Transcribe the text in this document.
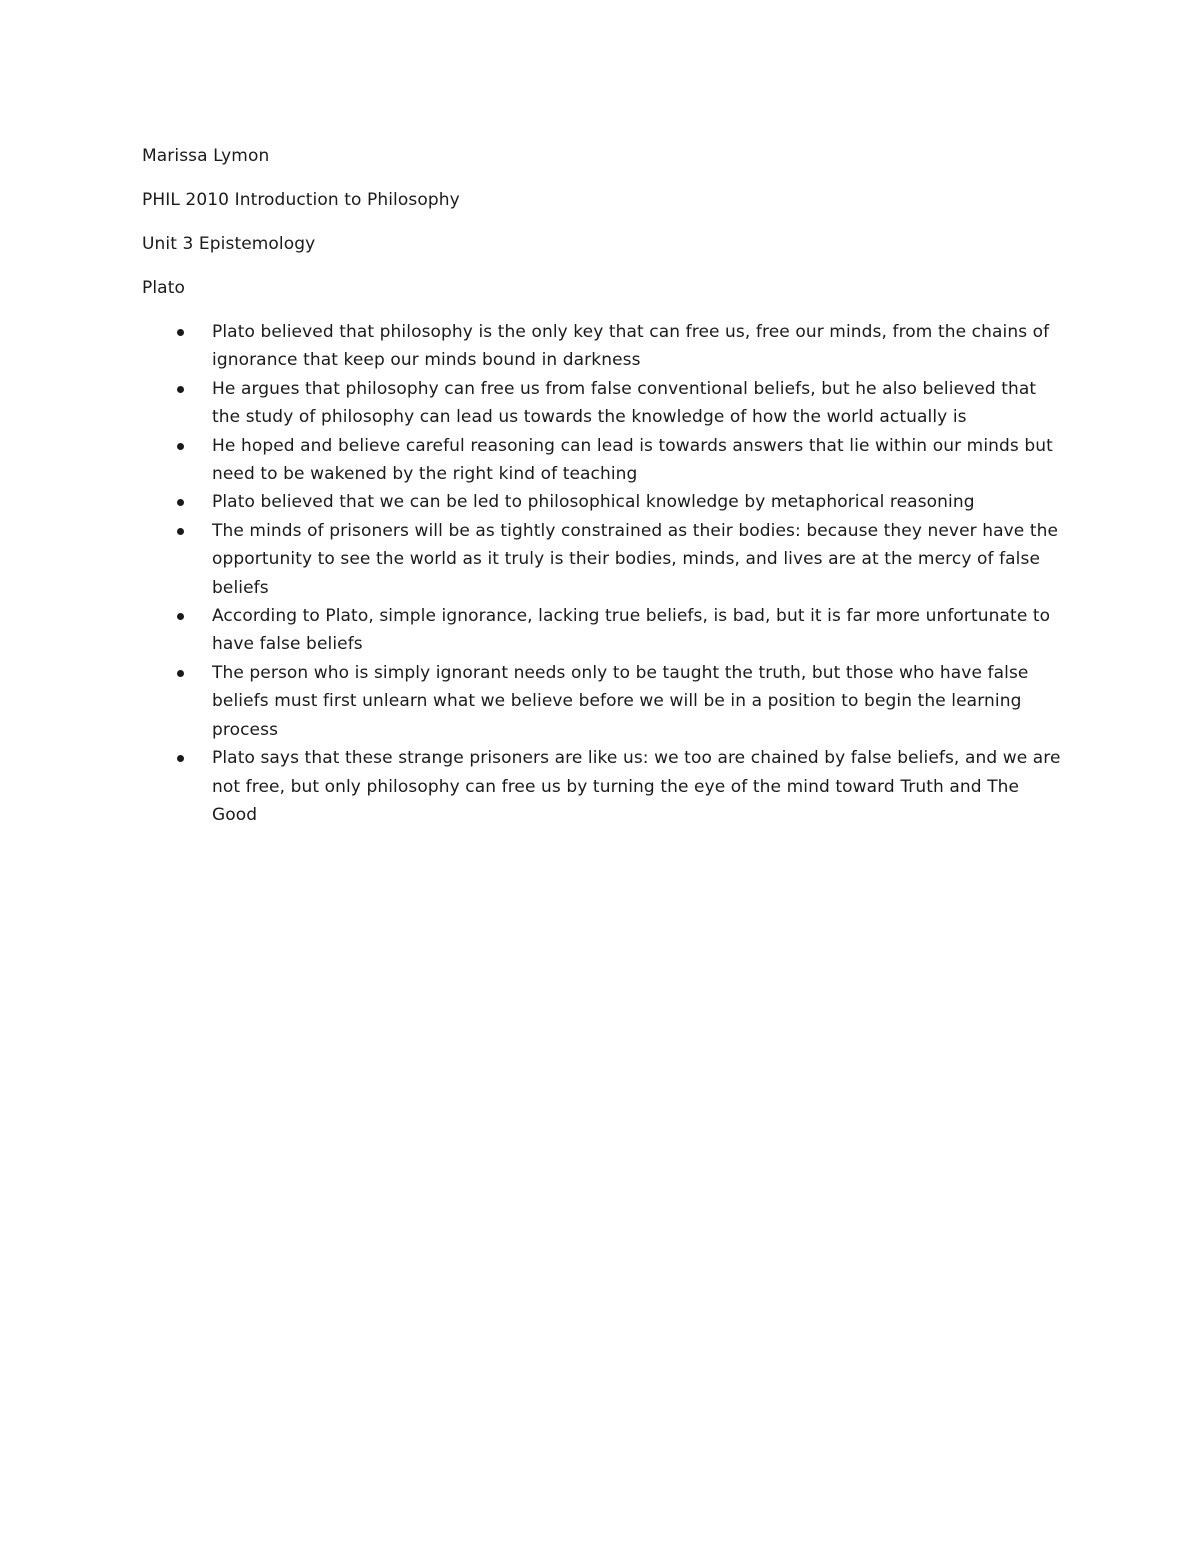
Marissa Lymon

PHIL 2010 Introduction to Philosophy

Unit 3 Epistemology

Plato

Plato believed that philosophy is the only key that can free us, free our minds, from the chains of ignorance that keep our minds bound in darkness
He argues that philosophy can free us from false conventional beliefs, but he also believed that the study of philosophy can lead us towards the knowledge of how the world actually is
He hoped and believe careful reasoning can lead is towards answers that lie within our minds but need to be wakened by the right kind of teaching
Plato believed that we can be led to philosophical knowledge by metaphorical reasoning
The minds of prisoners will be as tightly constrained as their bodies: because they never have the opportunity to see the world as it truly is their bodies, minds, and lives are at the mercy of false beliefs
According to Plato, simple ignorance, lacking true beliefs, is bad, but it is far more unfortunate to have false beliefs
The person who is simply ignorant needs only to be taught the truth, but those who have false beliefs must first unlearn what we believe before we will be in a position to begin the learning process
Plato says that these strange prisoners are like us: we too are chained by false beliefs, and we are not free, but only philosophy can free us by turning the eye of the mind toward Truth and The Good
